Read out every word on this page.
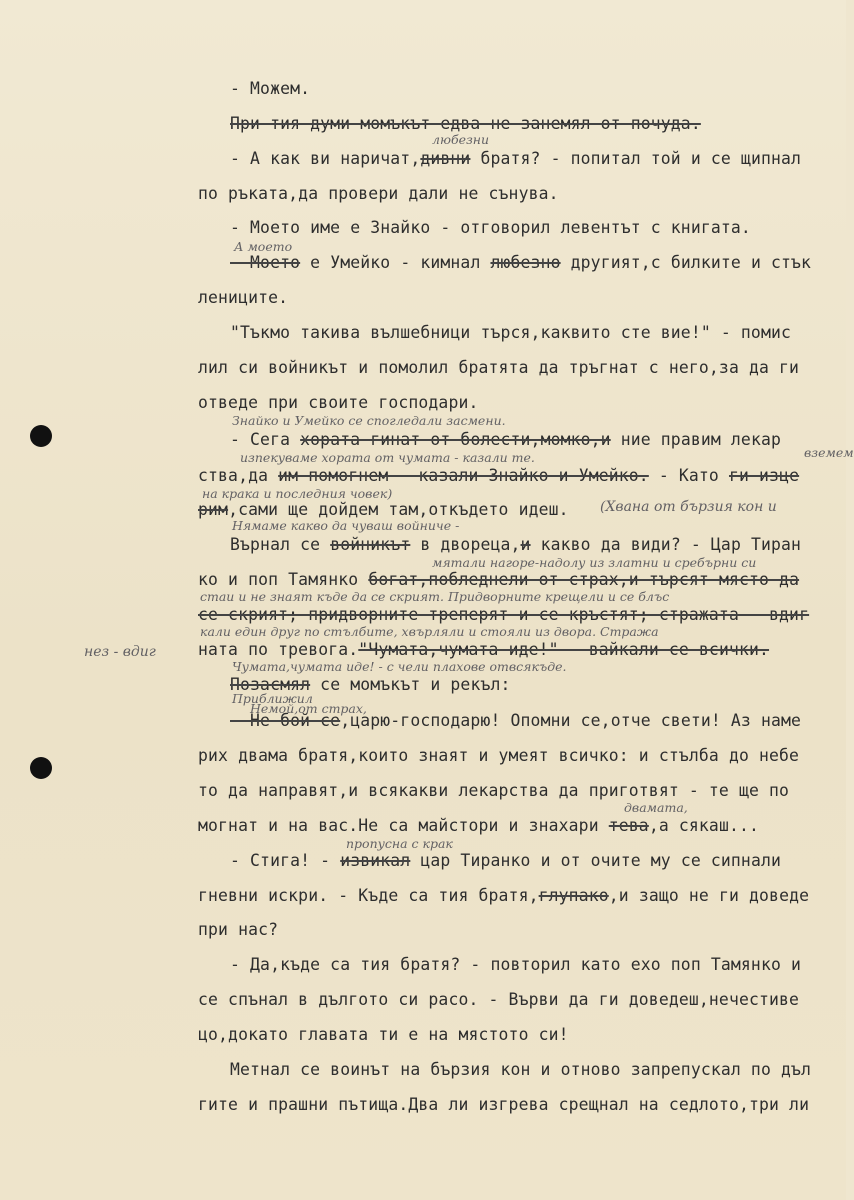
- Можем.
При тия думи момъкът едва не занемял от почуда.
- А как ви наричат,дивни братя? - попитал той и се щипнал
по ръката,да провери дали не сънува.
- Моето име е Знайко - отговорил левентът с книгата.
- Моето е Умейко - кимнал любезно другият,с билките и стък
лениците.
"Тъкмо такива вълшебници търся,каквито сте вие!" - помис
лил си войникът и помолил братята да тръгнат с него,за да ги
отведе при своите господари.
- Сега хората гинат от болести,момко,и ние правим лекар
ства,да им помогнем - казали Знайко и Умейко. - Като ги изце
рим,сами ще дойдем там,откъдето идеш.
Върнал се войникът в двореца,и какво да види? - Цар Тиран
ко и поп Тамянко богат,побледнели от страх,и търсят място да
се скрият; придворните треперят и се кръстят; стражата - вдиг
ната по тревога."Чумата,чумата иде!" - вайкали се всички.
Позасмял се момъкът и рекъл:
- Не бой се,царю-господарю! Опомни се,отче свети! Аз наме
рих двама братя,които знаят и умеят всичко: и стълба до небе
то да направят,и всякакви лекарства да приготвят - те ще по
могнат и на вас.Не са майстори и знахари тева,а сякаш...
- Стига! - извикал цар Тиранко и от очите му се сипнали
гневни искри. - Къде са тия братя,глупако,и защо не ги доведе
при нас?
- Да,къде са тия братя? - повторил като ехо поп Тамянко и
се спънал в дългото си расо. - Върви да ги доведеш,нечестиве
цо,докато главата ти е на мястото си!
Метнал се воинът на бързия кон и отново запрепускал по дъл
гите и прашни пътища.Два ли изгрева срещнал на седлото,три ли
любезни
А моето
Знайко и Умейко се спогледали засмени.
изпекуваме хората от чумата - казали те.	вземем
на крака и последния човек)
Нямаме какво да чуваш войниче -
(Хвана от бързия кон и
мятали нагоре-надолу из златни и сребърни си
стаи и не знаят къде да се скрият. Придворните крещели и се блъс
кали един друг по стълбите, хвърляли и стояли из двора. Стража
Чумата,чумата иде! - с чели плахове отвсякъде.
нез - вдиг
Приближил
Немой,от страх,
двамата,
пропусна с крак
